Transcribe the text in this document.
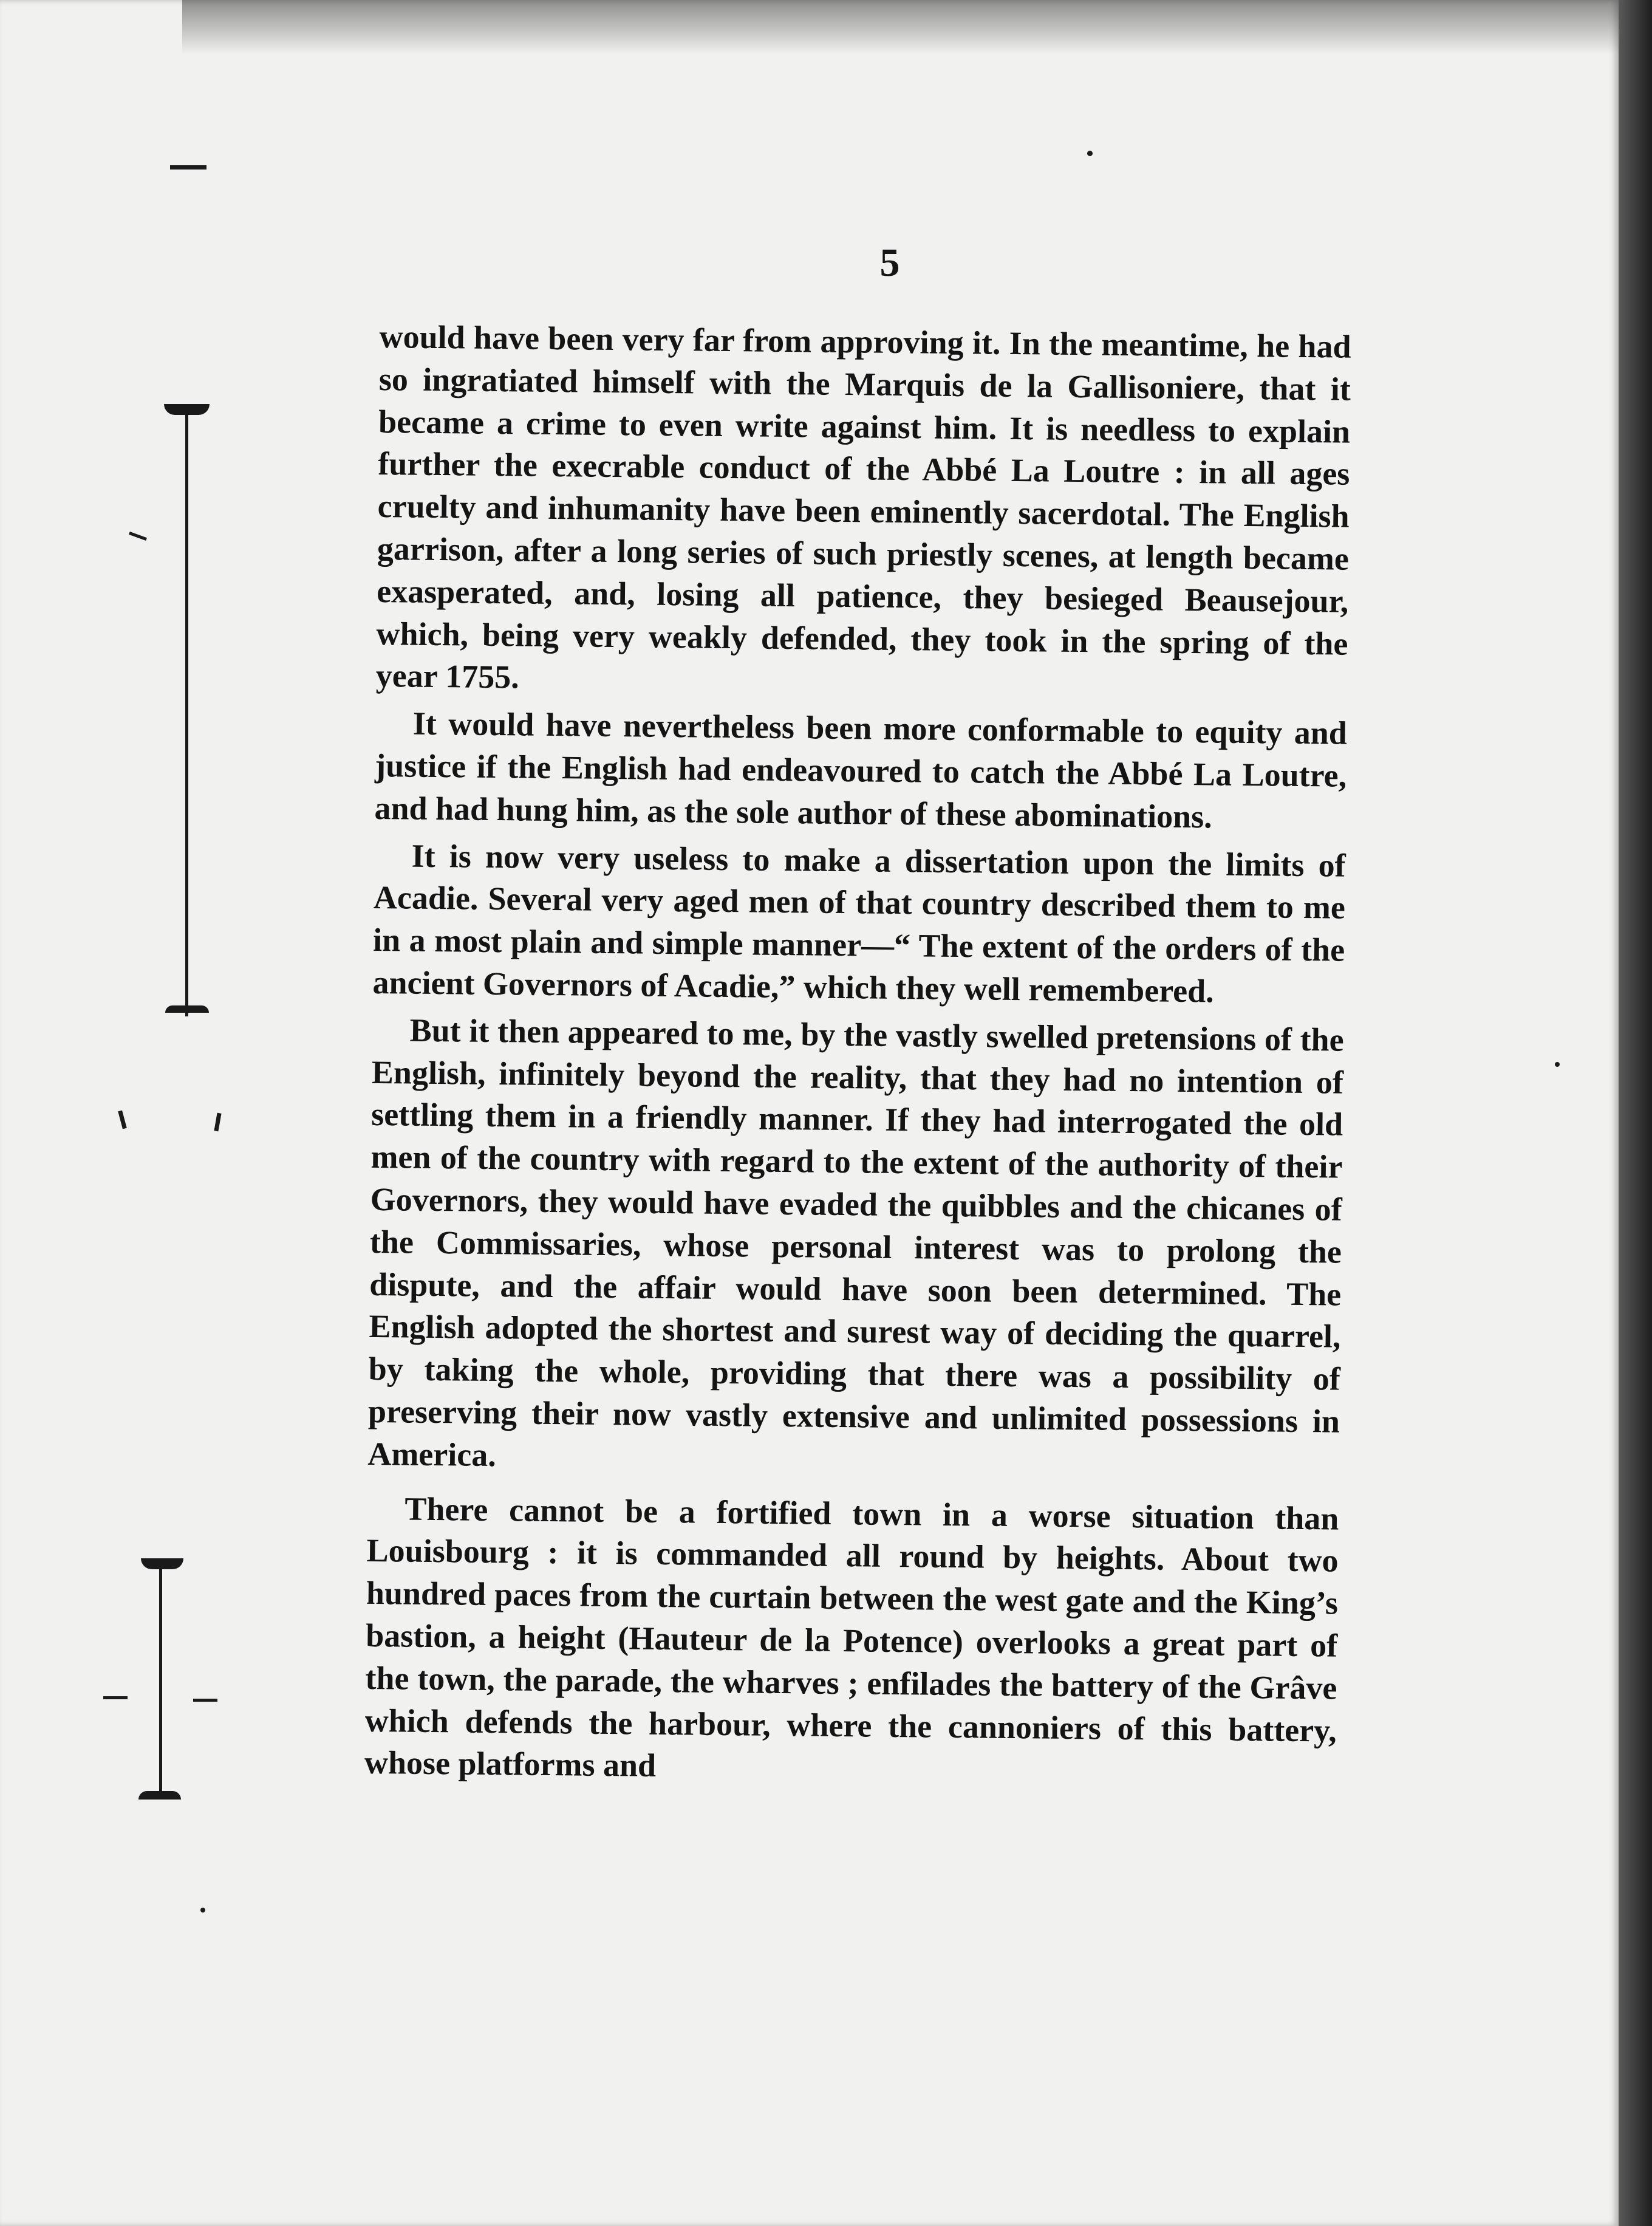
5

would have been very far from approving it. In the meantime, he had so ingratiated himself with the Marquis de la Gallisoniere, that it became a crime to even write against him. It is needless to explain further the execrable conduct of the Abbé La Loutre : in all ages cruelty and inhumanity have been eminently sacerdotal. The English garrison, after a long series of such priestly scenes, at length became exasperated, and, losing all patience, they besieged Beausejour, which, being very weakly defended, they took in the spring of the year 1755.

It would have nevertheless been more conformable to equity and justice if the English had endeavoured to catch the Abbé La Loutre, and had hung him, as the sole author of these abominations.

It is now very useless to make a dissertation upon the limits of Acadie. Several very aged men of that country described them to me in a most plain and simple manner—“ The extent of the orders of the ancient Governors of Acadie,” which they well remembered.

But it then appeared to me, by the vastly swelled pretensions of the English, infinitely beyond the reality, that they had no intention of settling them in a friendly manner. If they had interrogated the old men of the country with regard to the extent of the authority of their Governors, they would have evaded the quibbles and the chicanes of the Commissaries, whose personal interest was to prolong the dispute, and the affair would have soon been determined. The English adopted the shortest and surest way of deciding the quarrel, by taking the whole, providing that there was a possibility of preserving their now vastly extensive and unlimited possessions in America.

There cannot be a fortified town in a worse situation than Louisbourg : it is commanded all round by heights. About two hundred paces from the curtain between the west gate and the King’s bastion, a height (Hauteur de la Potence) overlooks a great part of the town, the parade, the wharves ; enfilades the battery of the Grâve which defends the harbour, where the cannoniers of this battery, whose platforms and
